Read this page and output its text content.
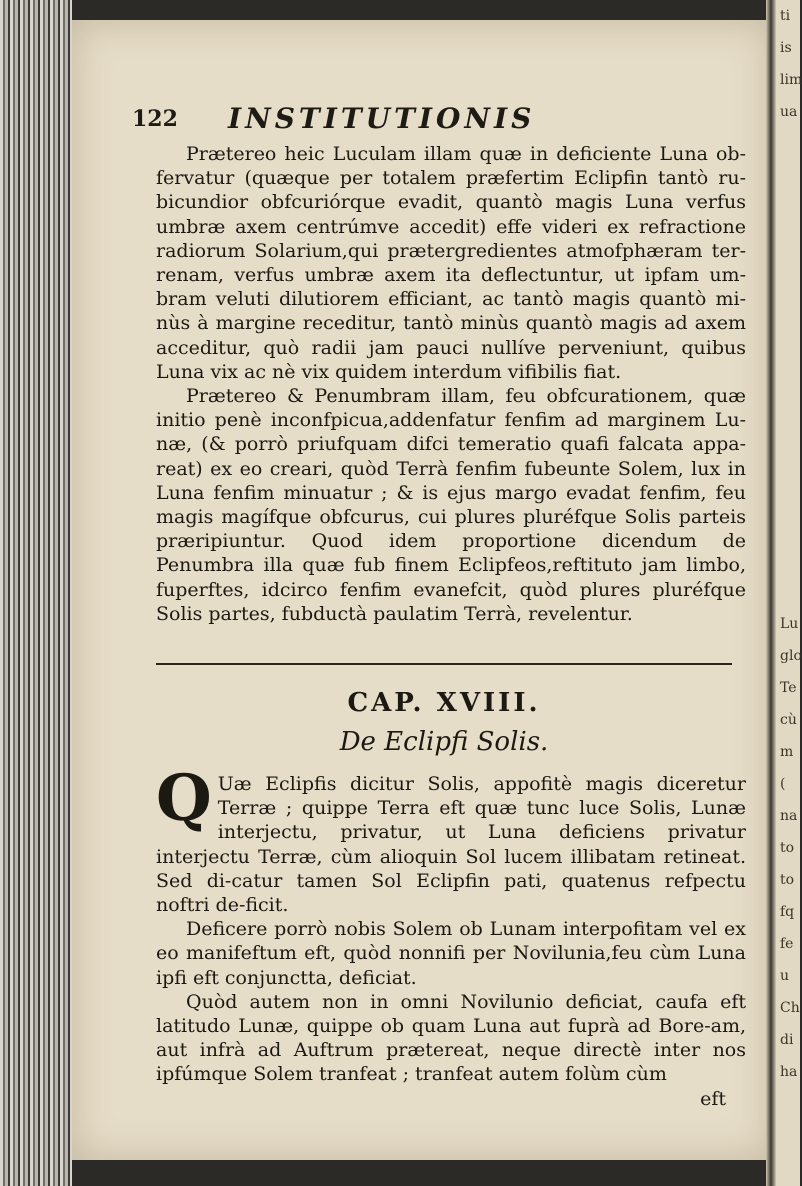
122 INSTITUTIONIS

Prætereo heic Luculam illam quæ in deficiente Luna ob-fervatur (quæque per totalem præfertim Eclipfin tantò ru-bicundior obfcuriórque evadit, quantò magis Luna verfus umbræ axem centrúmve accedit) effe videri ex refractione radiorum Solarium,qui prætergredientes atmofphæram ter-renam, verfus umbræ axem ita deflectuntur, ut ipfam um-bram veluti dilutiorem efficiant, ac tantò magis quantò mi-nùs à margine receditur, tantò minùs quantò magis ad axem acceditur, quò radii jam pauci nullíve perveniunt, quibus Luna vix ac nè vix quidem interdum vifibilis fiat.

Prætereo & Penumbram illam, feu obfcurationem, quæ initio penè inconfpicua,addenfatur fenfim ad marginem Lu-næ, (& porrò priufquam difci temeratio quafi falcata appa-reat) ex eo creari, quòd Terrà fenfim fubeunte Solem, lux in Luna fenfim minuatur ; & is ejus margo evadat fenfim, feu magis magífque obfcurus, cui plures pluréfque Solis parteis præripiuntur. Quod idem proportione dicendum de Penumbra illa quæ fub finem Eclipfeos,reftituto jam limbo, fuperftes, idcirco fenfim evanefcit, quòd plures pluréfque Solis partes, fubductà paulatim Terrà, revelentur.

CAP. XVIII.
De Eclipfi Solis.

Q Uæ Eclipfis dicitur Solis, appofitè magis diceretur Terræ ; quippe Terra eft quæ tunc luce Solis, Lunæ interjectu, privatur, ut Luna deficiens privatur interjectu Terræ, cùm alioquin Sol lucem illibatam retineat. Sed di-catur tamen Sol Eclipfin pati, quatenus refpectu noftri de-ficit.

Deficere porrò nobis Solem ob Lunam interpofitam vel ex eo manifeftum eft, quòd nonnifi per Novilunia,feu cùm Luna ipfi eft conjunctta, deficiat.

Quòd autem non in omni Novilunio deficiat, caufa eft latitudo Lunæ, quippe ob quam Luna aut fuprà ad Bore-am, aut infrà ad Auftrum prætereat, neque directè inter nos ipfúmque Solem tranfeat ; tranfeat autem folùm cùm

eft

ti
is
lim
ua

Lu
glo
Te
cù
m
(
na
to
to
fq
fe
u
Ch
di
ha
